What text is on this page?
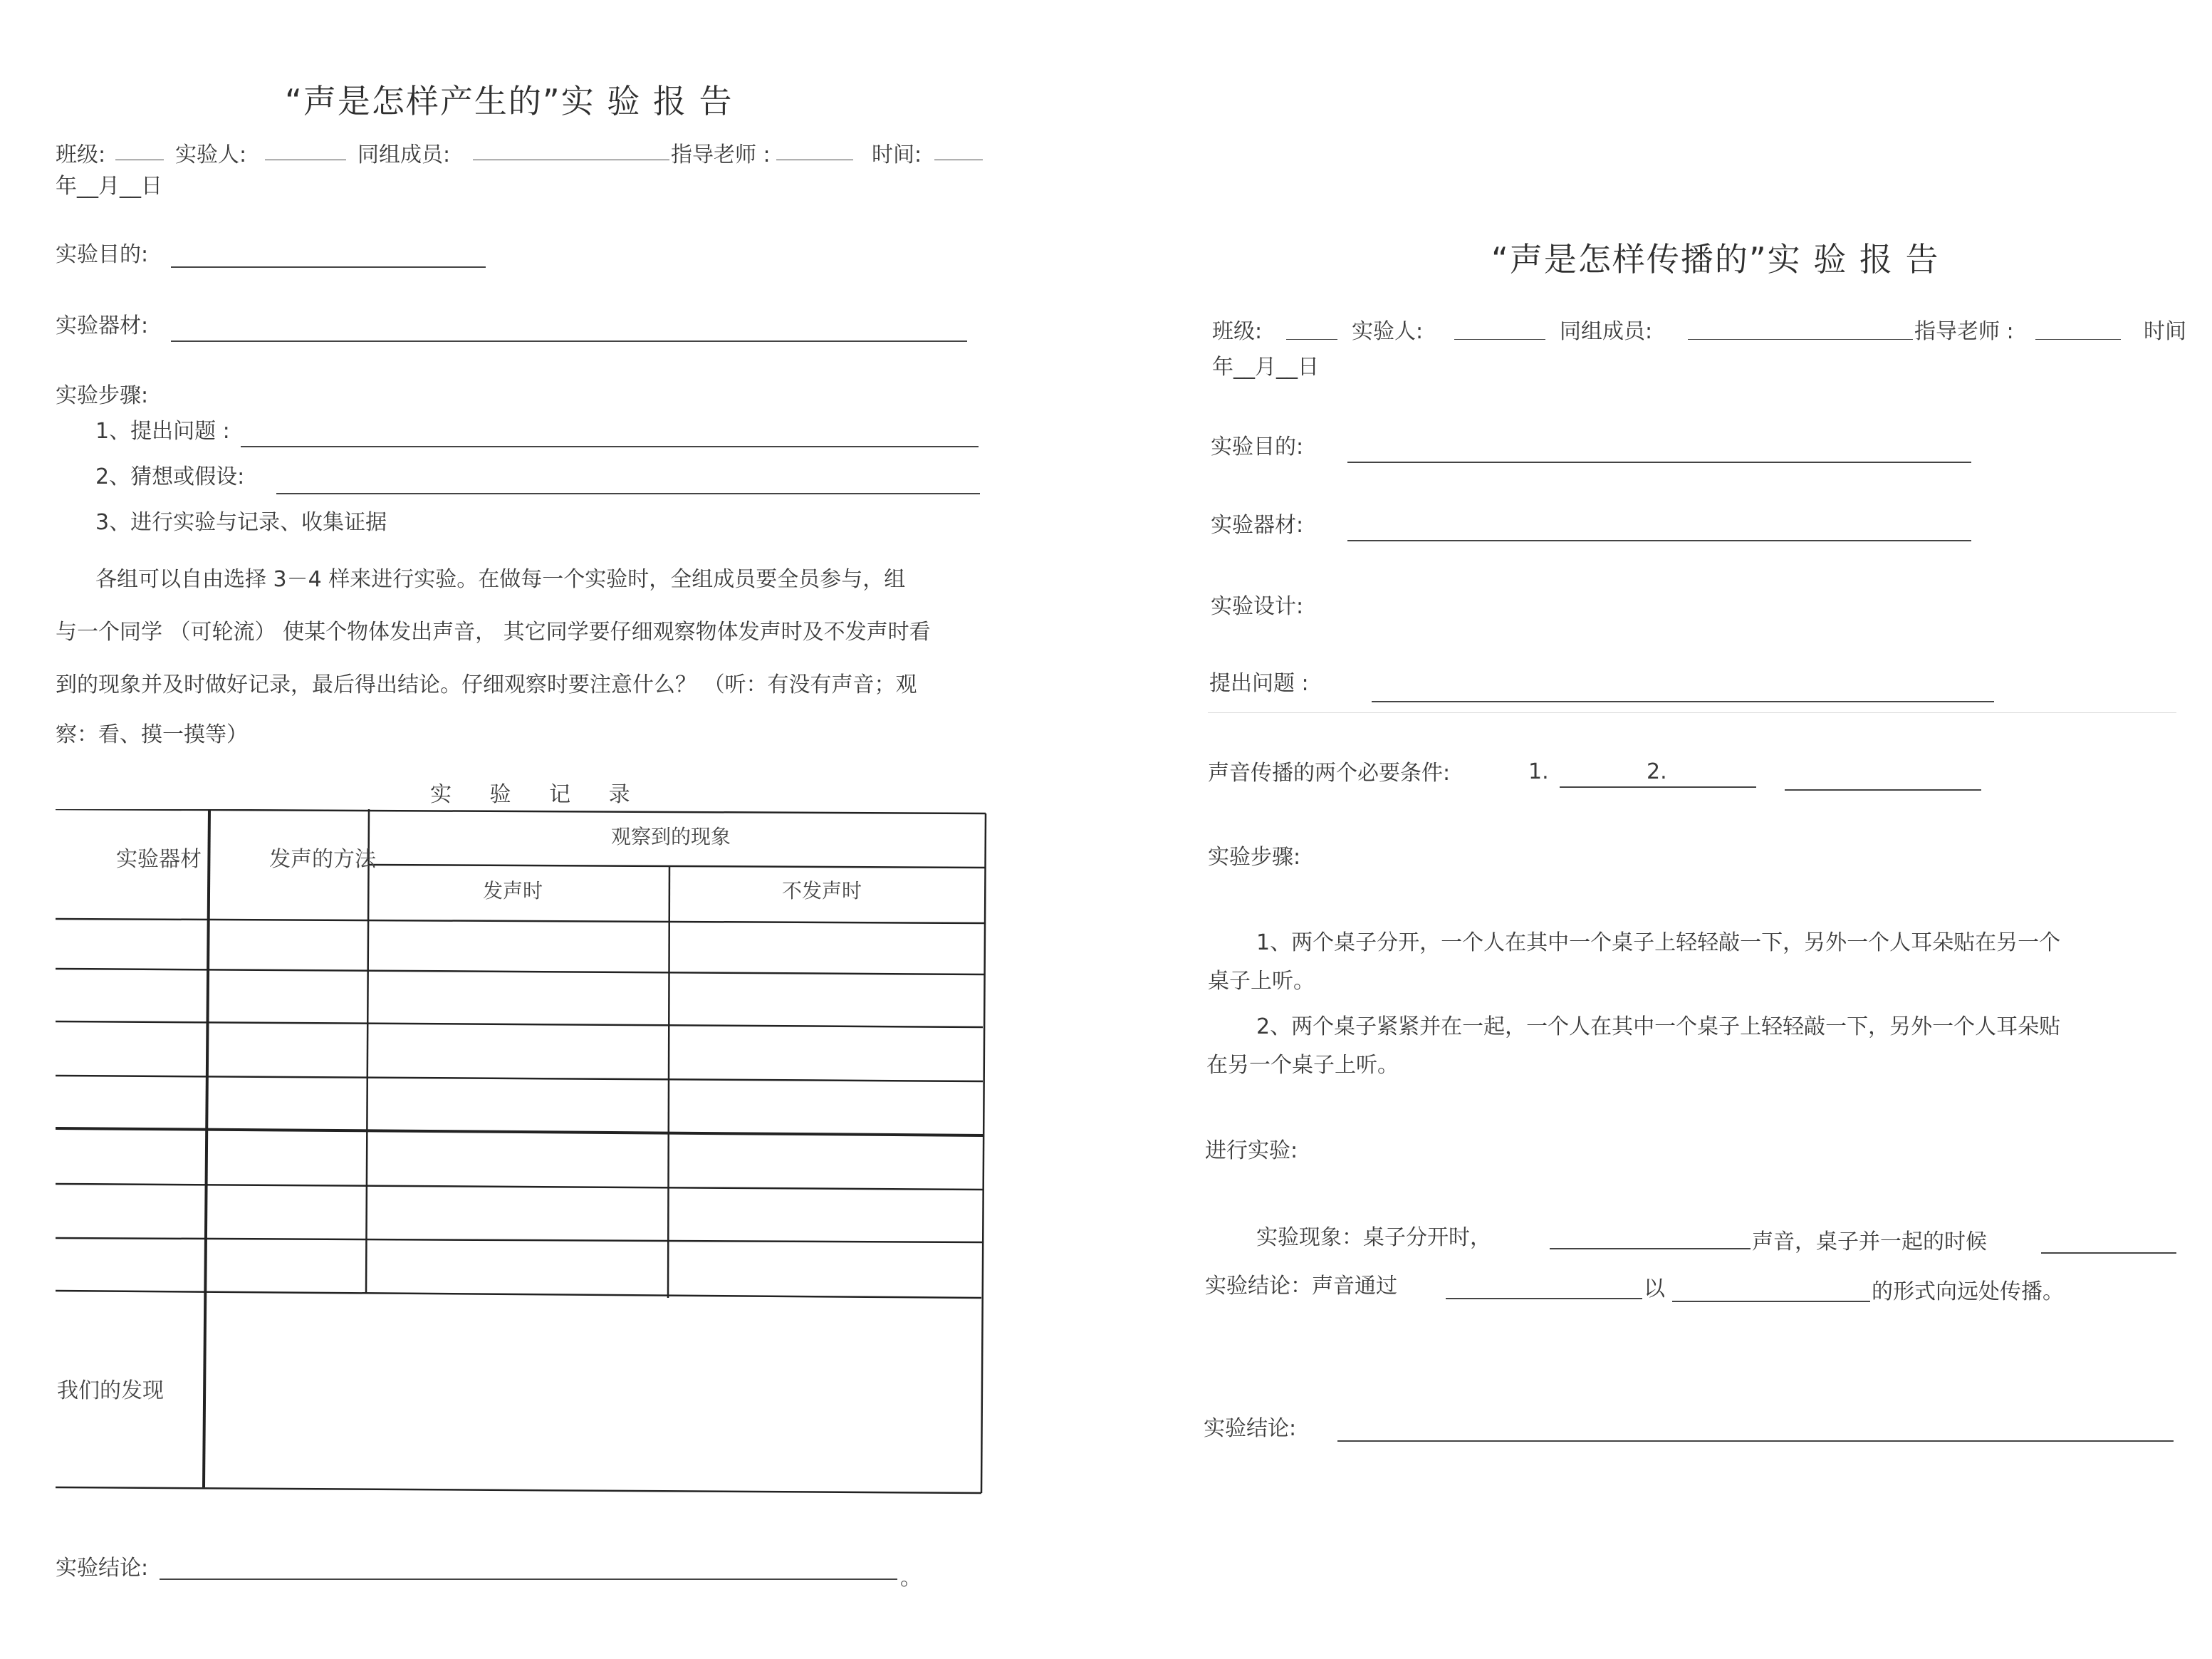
“声是怎样产生的”实 验 报 告
班级:	实验人:	同组成员:	指导老师 :	时间:
年__月__日
实验目的:
实验器材:
实验步骤:
1、提出问题 :
2、猜想或假设:
3、进行实验与记录、收集证据
各组可以自由选择 3－4 样来进行实验。在做每一个实验时，全组成员要全员参与，组
与一个同学 （可轮流） 使某个物体发出声音， 其它同学要仔细观察物体发声时及不发声时看
到的现象并及时做好记录，最后得出结论。仔细观察时要注意什么？ （听：有没有声音；观
察：看、摸一摸等）
实 验 记 录
实验器材	发声的方法
观察到的现象
发声时	不发声时
我们的发现
实验结论:	。
“声是怎样传播的”实 验 报 告
班级:	实验人:	同组成员:	指导老师 :	时间
年__月__日
实验目的:
实验器材:
实验设计:
提出问题 :
声音传播的两个必要条件:	1.	2.
实验步骤:
1、两个桌子分开，一个人在其中一个桌子上轻轻敲一下，另外一个人耳朵贴在另一个
桌子上听。
2、两个桌子紧紧并在一起，一个人在其中一个桌子上轻轻敲一下，另外一个人耳朵贴
在另一个桌子上听。
进行实验:
实验现象：桌子分开时，	声音，桌子并一起的时候
实验结论：声音通过	以	的形式向远处传播。
实验结论:
